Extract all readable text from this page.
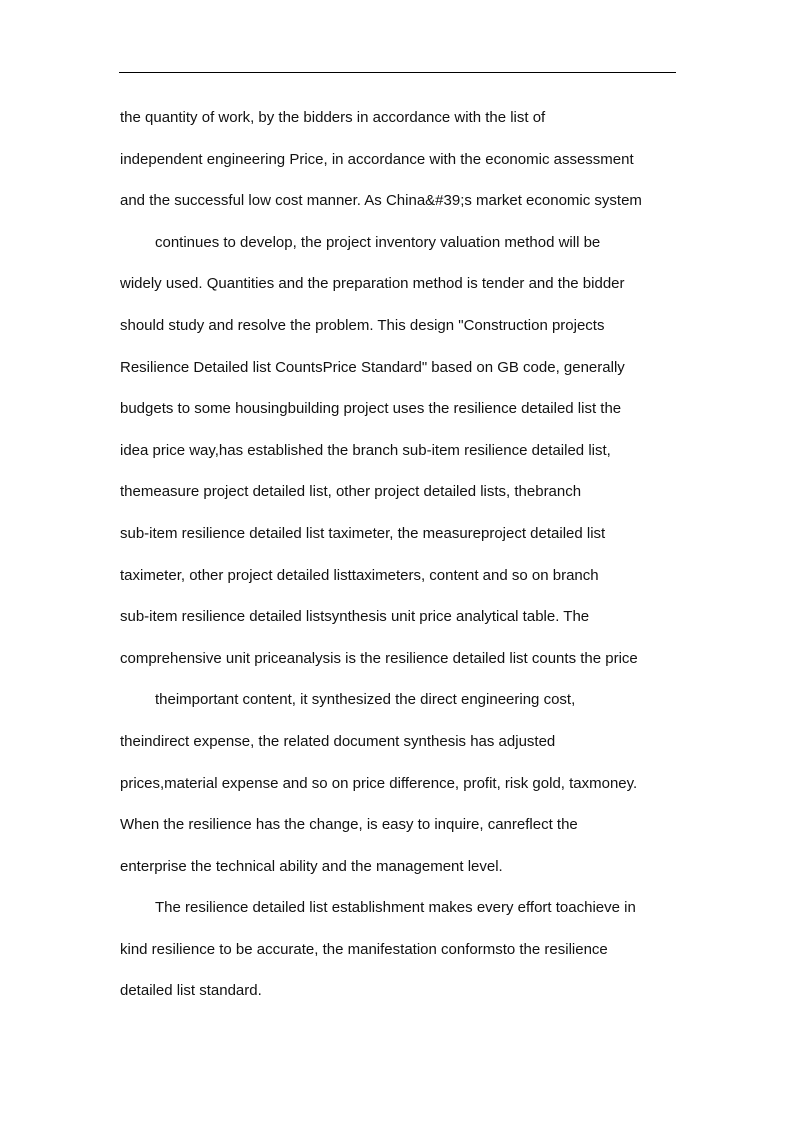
the quantity of work, by the bidders in accordance with the list of
independent engineering Price, in accordance with the economic assessment
and the successful low cost manner. As China&#39;s market economic system
continues to develop, the project inventory valuation method will be
widely used. Quantities and the preparation method is tender and the bidder
should study and resolve the problem. This design "Construction projects
Resilience Detailed list CountsPrice Standard" based on GB code, generally
budgets to some housingbuilding project uses the resilience detailed list the
idea price way,has established the branch sub-item resilience detailed list,
themeasure project detailed list, other project detailed lists, thebranch
sub-item resilience detailed list taximeter, the measureproject detailed list
taximeter, other project detailed listtaximeters, content and so on branch
sub-item resilience detailed listsynthesis unit price analytical table. The
comprehensive unit priceanalysis is the resilience detailed list counts the price
theimportant content, it synthesized the direct engineering cost,
theindirect expense, the related document synthesis has adjusted
prices,material expense and so on price difference, profit, risk gold, taxmoney.
When the resilience has the change, is easy to inquire, canreflect the
enterprise the technical ability and the management level.
The resilience detailed list establishment makes every effort toachieve in
kind resilience to be accurate, the manifestation conformsto the resilience
detailed list standard.
